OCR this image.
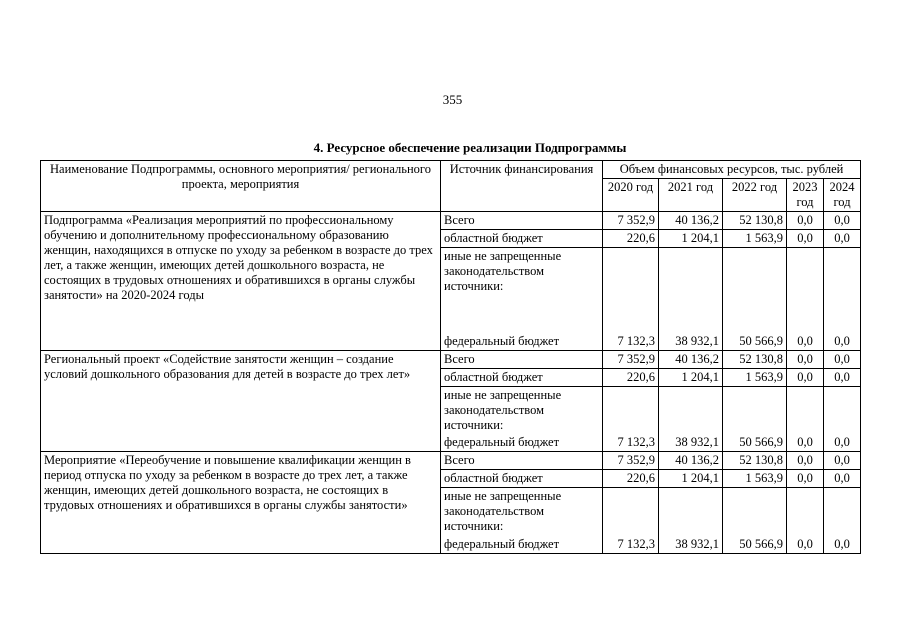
355
4. Ресурсное обеспечение реализации Подпрограммы
Наименование Подпрограммы, основного мероприятия/ регионального проекта, мероприятия	Источник финансирования	Объем финансовых ресурсов, тыс. рублей				
		2020 год	2021 год	2022 год	2023 год	2024 год
Подпрограмма «Реализация мероприятий по профессиональному обучению и дополнительному профессиональному образованию женщин, находящихся в отпуске по уходу за ребенком в возрасте до трех лет, а также женщин, имеющих детей дошкольного возраста, не состоящих в трудовых отношениях и обратившихся в органы службы занятости» на 2020-2024 годы	Всего	7 352,9	40 136,2	52 130,8	0,0	0,0
	областной бюджет	220,6	1 204,1	1 563,9	0,0	0,0
	иные не запрещенные законодательством источники:					
	федеральный бюджет	7 132,3	38 932,1	50 566,9	0,0	0,0
Региональный проект «Содействие занятости женщин – создание условий дошкольного образования для детей в возрасте до трех лет»	Всего	7 352,9	40 136,2	52 130,8	0,0	0,0
	областной бюджет	220,6	1 204,1	1 563,9	0,0	0,0
	иные не запрещенные законодательством источники:					
	федеральный бюджет	7 132,3	38 932,1	50 566,9	0,0	0,0
Мероприятие «Переобучение и повышение квалификации женщин в период отпуска по уходу за ребенком в возрасте до трех лет, а также женщин, имеющих детей дошкольного возраста, не состоящих в трудовых отношениях и обратившихся в органы службы занятости»	Всего	7 352,9	40 136,2	52 130,8	0,0	0,0
	областной бюджет	220,6	1 204,1	1 563,9	0,0	0,0
	иные не запрещенные законодательством источники:					
	федеральный бюджет	7 132,3	38 932,1	50 566,9	0,0	0,0
